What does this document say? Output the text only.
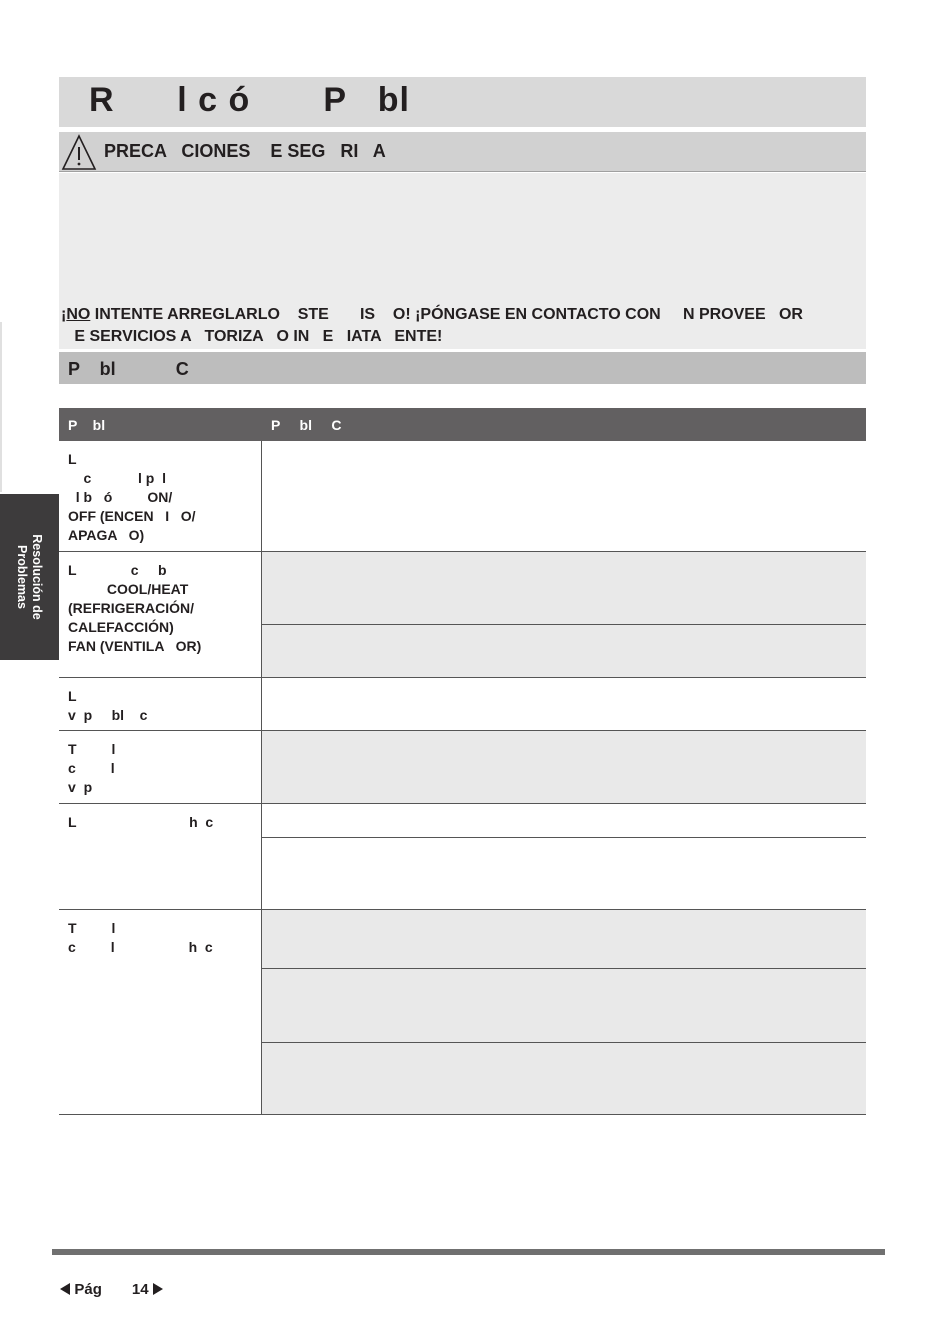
R      l c ó       P   bl
PRECA   CIONES    E SEG   RI   A

¡NO INTENTE ARREGLARLO    STE       IS    O! ¡PÓNGASE EN CONTACTO CON     N PROVEE   OR
E SERVICIOS A   TORIZA   O IN   E   IATA   ENTE!

P    bl            C
P    bl	P     bl     C
L
c            l p  l
l b   ó         ON/
OFF (ENCEN   I   O/
APAGA   O)
L              c     b
COOL/HEAT
(REFRIGERACIÓN/
CALEFACCIÓN)
FAN (VENTILA   OR)
L
v  p     bl    c
T         l
c         l
v  p
L                             h  c
T         l
c         l                   h  c
Resolución de
Problemas

Pág 14
